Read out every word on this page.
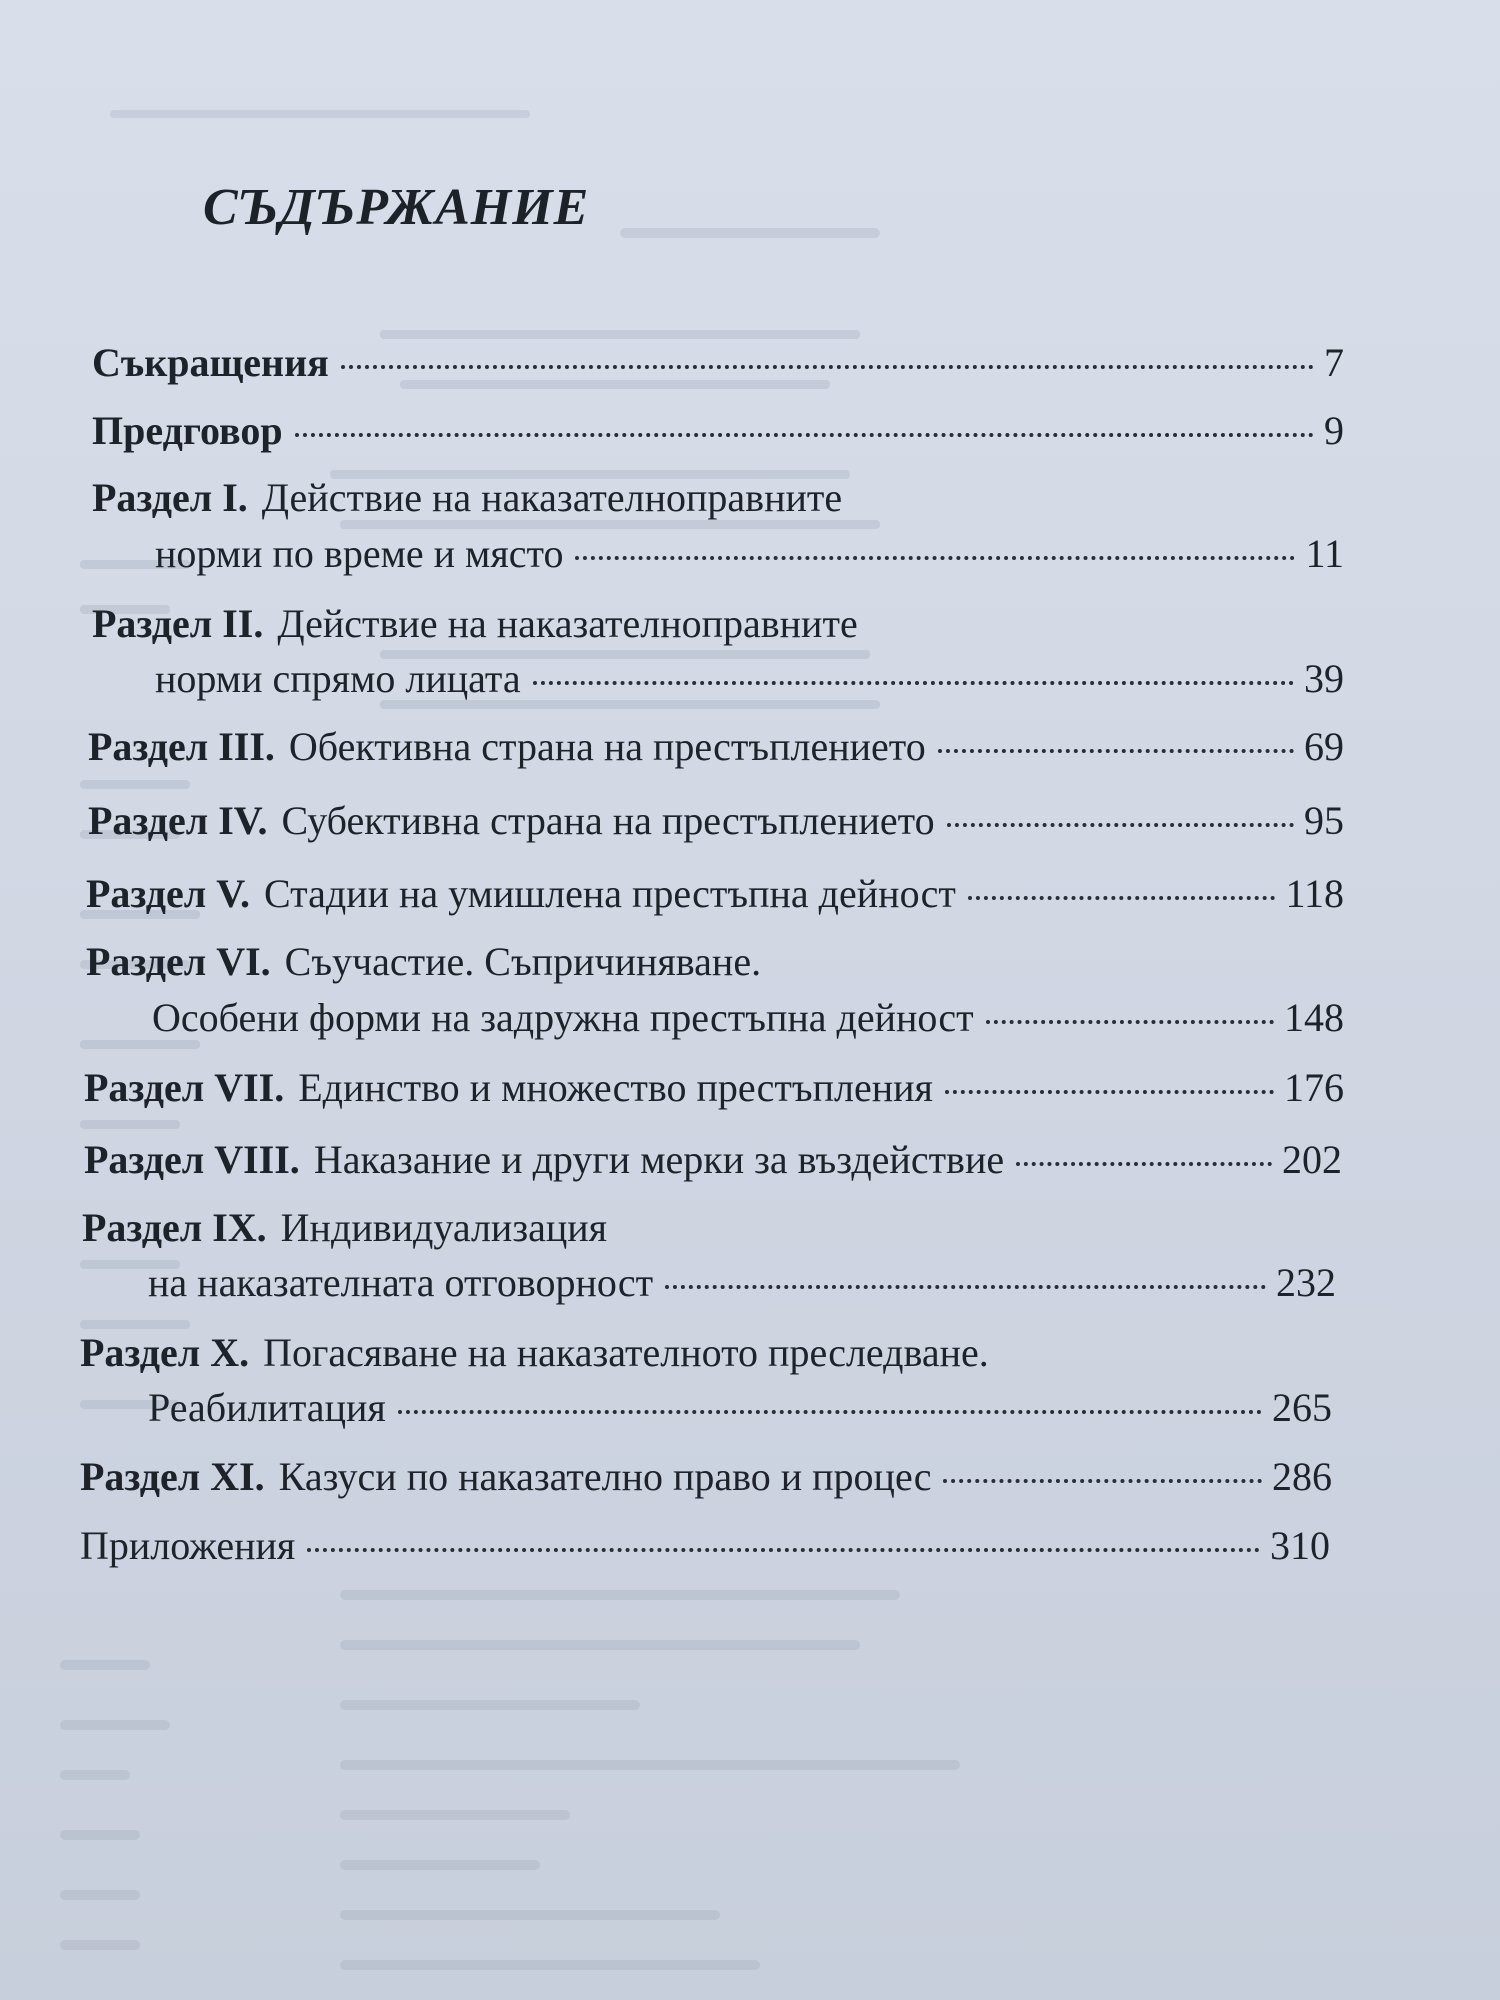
СЪДЪРЖАНИЕ
Съкращения	7
Предговор	9
Раздел I. Действие на наказателноправните
норми по време и място	11
Раздел II. Действие на наказателноправните
норми спрямо лицата	39
Раздел III. Обективна страна на престъплението	69
Раздел IV. Субективна страна на престъплението	95
Раздел V. Стадии на умишлена престъпна дейност	118
Раздел VI. Съучастие. Съпричиняване.
Особени форми на задружна престъпна дейност	148
Раздел VII. Единство и множество престъпления	176
Раздел VIII. Наказание и други мерки за въздействие	202
Раздел IX. Индивидуализация
на наказателната отговорност	232
Раздел X. Погасяване на наказателното преследване.
Реабилитация	265
Раздел XI. Казуси по наказателно право и процес	286
Приложения	310
